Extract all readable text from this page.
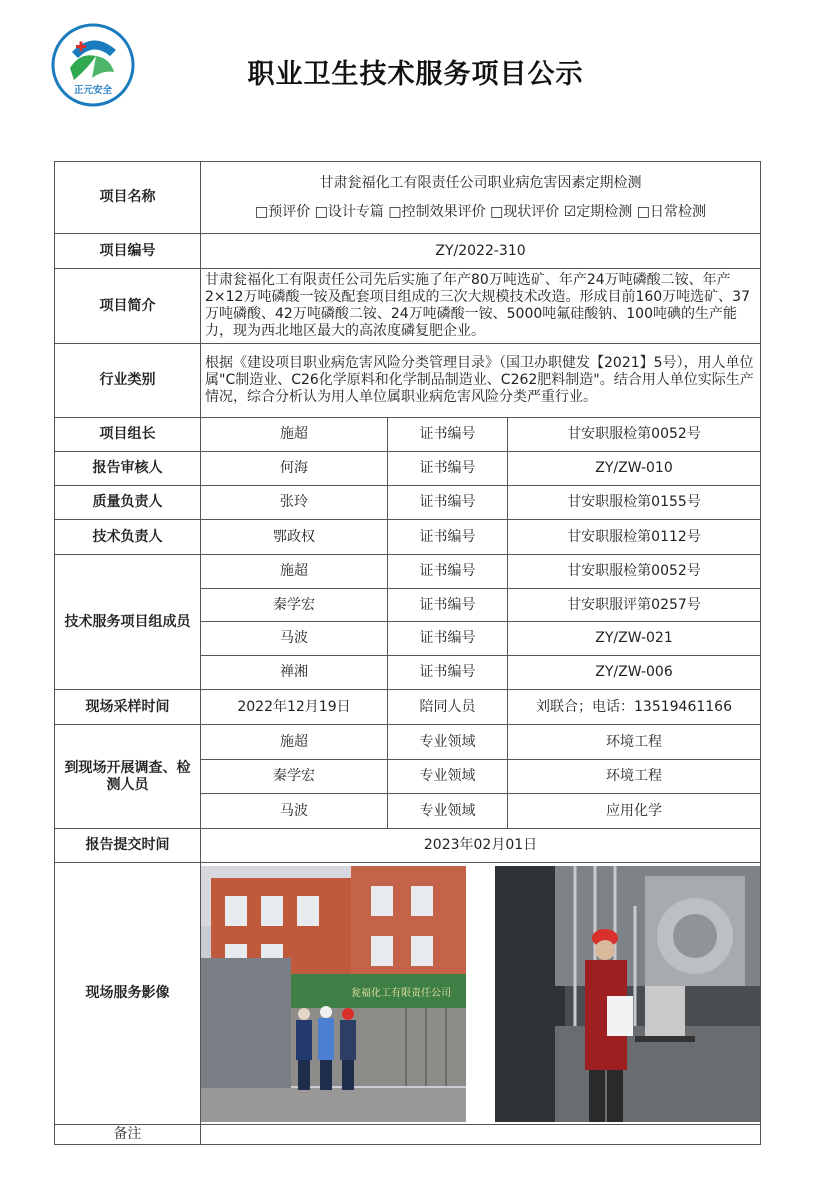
正元安全
职业卫生技术服务项目公示
项目名称	甘肃瓮福化工有限责任公司职业病危害因素定期检测
□预评价 □设计专篇 □控制效果评价 □现状评价 ☑定期检测 □日常检测		

项目编号	ZY/2022-310		
项目简介	甘肃瓮福化工有限责任公司先后实施了年产80万吨选矿、年产24万吨磷酸二铵、年产2×12万吨磷酸一铵及配套项目组成的三次大规模技术改造。形成目前160万吨选矿、37万吨磷酸、42万吨磷酸二铵、24万吨磷酸一铵、5000吨氟硅酸钠、100吨碘的生产能力，现为西北地区最大的高浓度磷复肥企业。		
行业类别	根据《建设项目职业病危害风险分类管理目录》（国卫办职健发【2021】5号），用人单位属"C制造业、C26化学原料和化学制品制造业、C262肥料制造"。结合用人单位实际生产情况，综合分析认为用人单位属职业病危害风险分类严重行业。		
项目组长	施超	证书编号	甘安职服检第0052号
报告审核人	何海	证书编号	ZY/ZW-010
质量负责人	张玲	证书编号	甘安职服检第0155号
技术负责人	鄂政权	证书编号	甘安职服检第0112号
技术服务项目组成员	施超	证书编号	甘安职服检第0052号
	秦学宏	证书编号	甘安职服评第0257号
	马波	证书编号	ZY/ZW-021
	禅湘	证书编号	ZY/ZW-006
现场采样时间	2022年12月19日	陪同人员	刘联合；电话：13519461166
到现场开展调查、检测人员	施超	专业领域	环境工程
	秦学宏	专业领域	环境工程
	马波	专业领域	应用化学
报告提交时间	2023年02月01日		
现场服务影像	瓮福化工有限责任公司		

备注			
